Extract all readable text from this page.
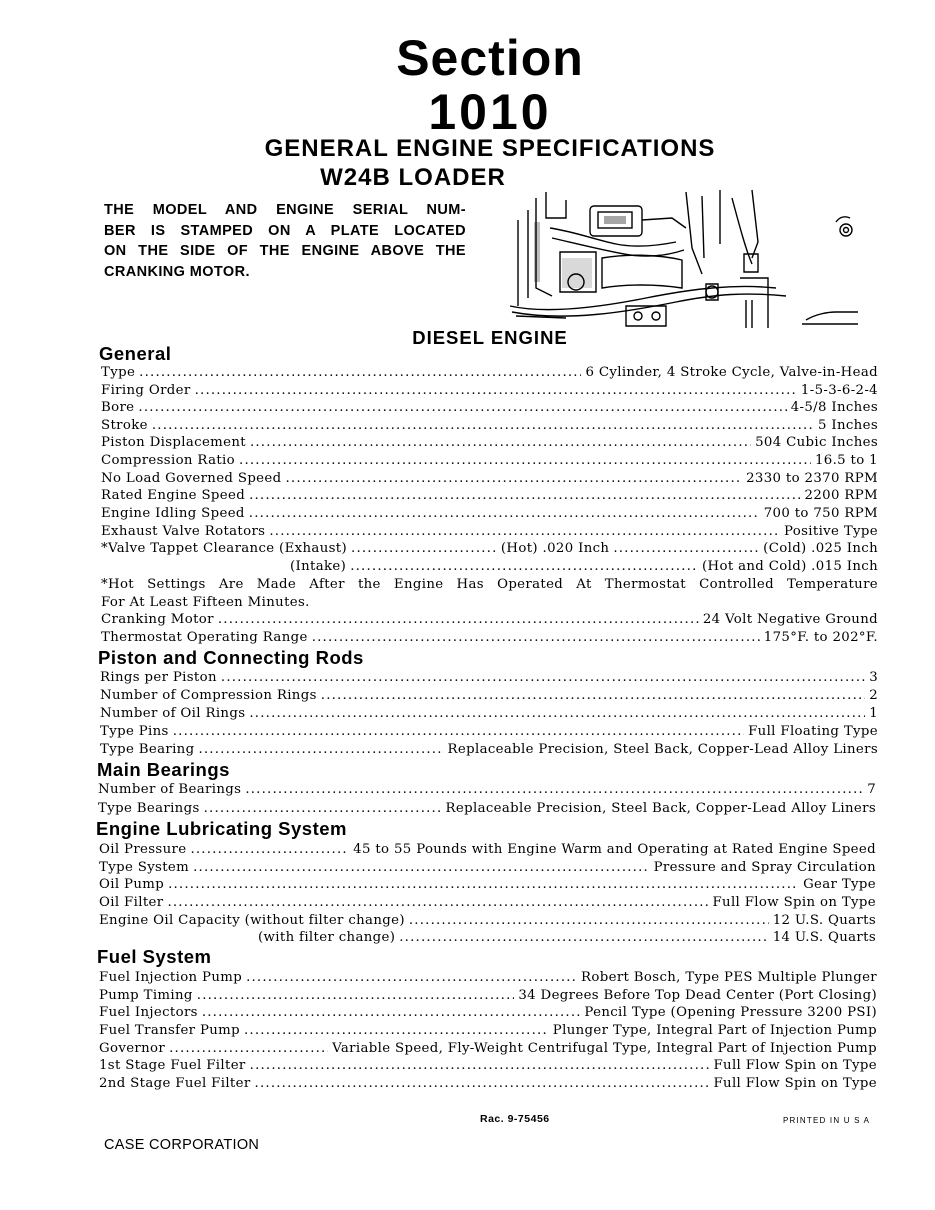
Section
1010
GENERAL ENGINE SPECIFICATIONS
W24B LOADER
THE MODEL AND ENGINE SERIAL NUM-
BER IS STAMPED ON A PLATE LOCATED
ON THE SIDE OF THE ENGINE ABOVE THE
CRANKING MOTOR.
DIESEL ENGINE
General
Type .....	6 Cylinder, 4 Stroke Cycle, Valve-in-Head
Firing Order .....	1-5-3-6-2-4
Bore .....	4-5/8 Inches
Stroke .....	5 Inches
Piston Displacement .....	504 Cubic Inches
Compression Ratio .....	16.5 to 1
No Load Governed Speed .....	2330 to 2370 RPM
Rated Engine Speed .....	2200 RPM
Engine Idling Speed .....	700 to 750 RPM
Exhaust Valve Rotators .....	Positive Type
*Valve Tappet Clearance (Exhaust) .....	(Hot) .020 Inch .....	(Cold) .025 Inch
(Intake) .....	(Hot and Cold) .015 Inch
*Hot Settings Are Made After the Engine Has Operated At Thermostat Controlled Temperature
For At Least Fifteen Minutes.
Cranking Motor .....	24 Volt Negative Ground
Thermostat Operating Range .....	175°F. to 202°F.
Piston and Connecting Rods
Rings per Piston .....	3
Number of Compression Rings .....	2
Number of Oil Rings .....	1
Type Pins .....	Full Floating Type
Type Bearing .....	Replaceable Precision, Steel Back, Copper-Lead Alloy Liners
Main Bearings
Number of Bearings .....	7
Type Bearings .....	Replaceable Precision, Steel Back, Copper-Lead Alloy Liners
Engine Lubricating System
Oil Pressure .....	45 to 55 Pounds with Engine Warm and Operating at Rated Engine Speed
Type System .....	Pressure and Spray Circulation
Oil Pump .....	Gear Type
Oil Filter .....	Full Flow Spin on Type
Engine Oil Capacity (without filter change) .....	12 U.S. Quarts
(with filter change) .....	14 U.S. Quarts
Fuel System
Fuel Injection Pump .....	Robert Bosch, Type PES Multiple Plunger
Pump Timing .....	34 Degrees Before Top Dead Center (Port Closing)
Fuel Injectors .....	Pencil Type (Opening Pressure 3200 PSI)
Fuel Transfer Pump .....	Plunger Type, Integral Part of Injection Pump
Governor .....	Variable Speed, Fly-Weight Centrifugal Type, Integral Part of Injection Pump
1st Stage Fuel Filter .....	Full Flow Spin on Type
2nd Stage Fuel Filter .....	Full Flow Spin on Type
Rac. 9-75456	PRINTED IN U S A
CASE CORPORATION
